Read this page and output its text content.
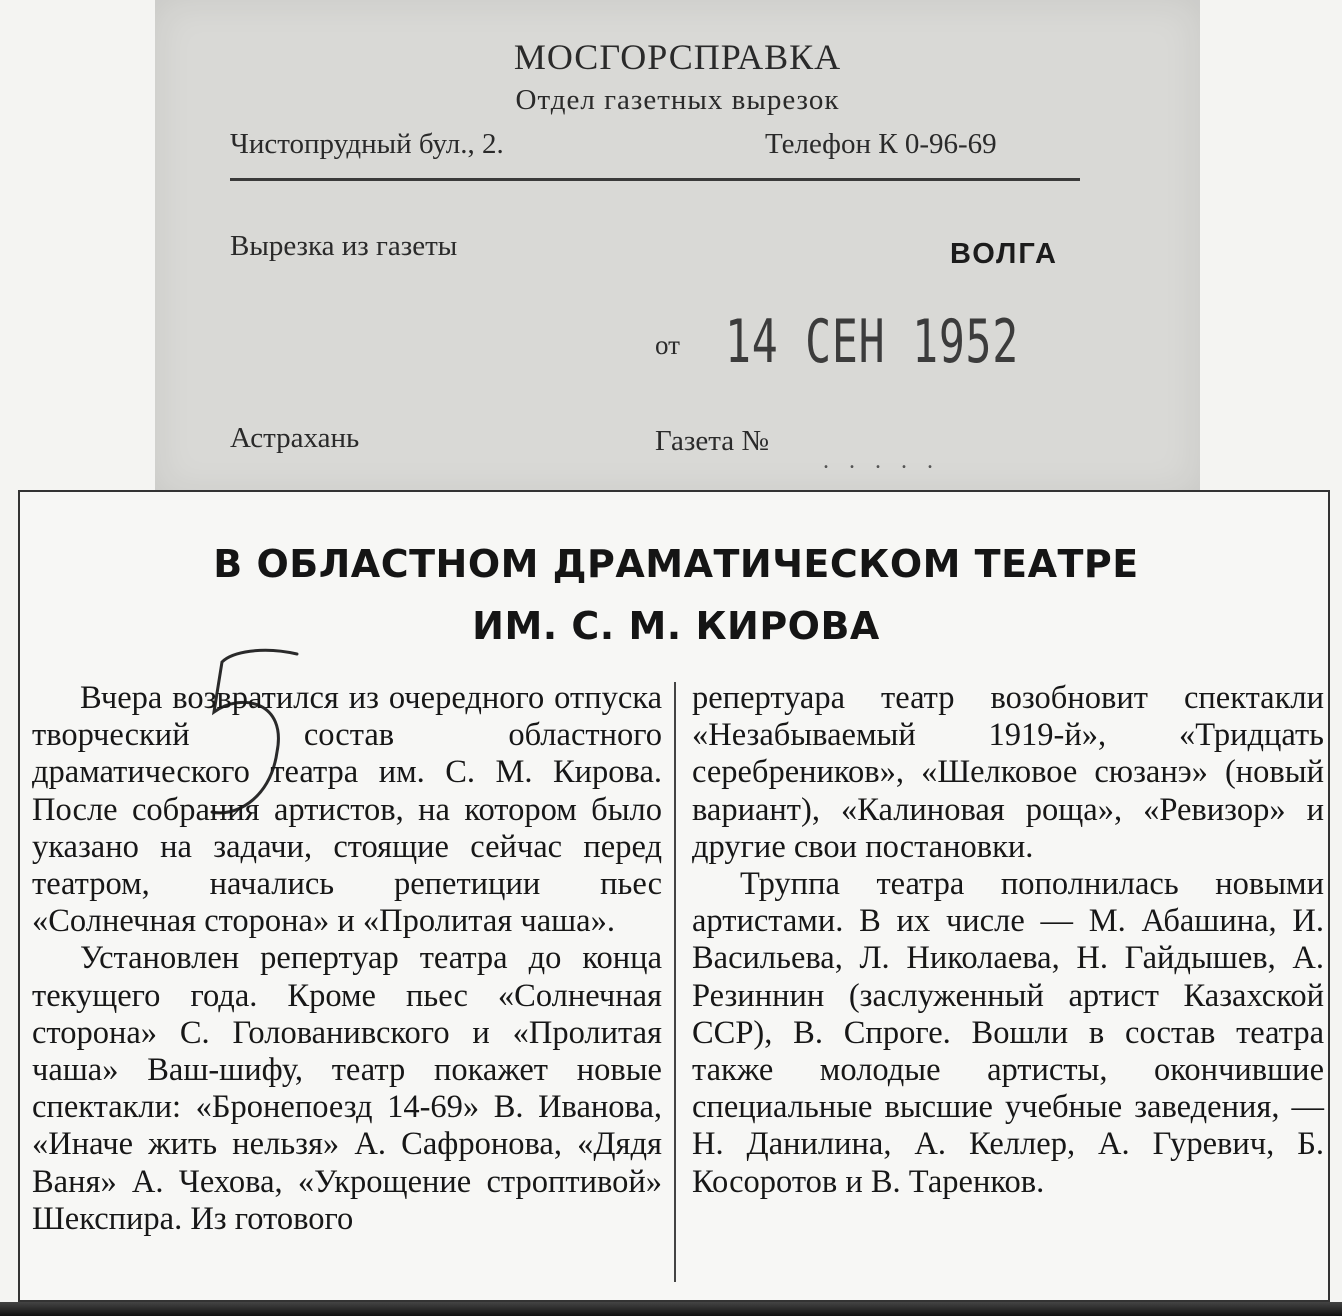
МОСГОРСПРАВКА
Отдел газетных вырезок
Чистопрудный бул., 2.	Телефон К 0-96-69
Вырезка из газеты	ВОЛГА
от 14 СЕН 1952
Астрахань	Газета №
.....
В ОБЛАСТНОМ ДРАМАТИЧЕСКОМ ТЕАТРЕ
ИМ. С. М. КИРОВА

Вчера возвратился из очередного отпуска творческий состав областного драматического театра им. С. М. Кирова. После собрания артистов, на котором было указано на задачи, стоящие сейчас перед театром, начались репетиции пьес «Солнечная сторона» и «Пролитая чаша».

Установлен репертуар театра до конца текущего года. Кроме пьес «Солнечная сторона» С. Голованивского и «Пролитая чаша» Ваш-шифу, театр покажет новые спектакли: «Бронепоезд 14-69» В. Иванова, «Иначе жить нельзя» А. Сафронова, «Дядя Ваня» А. Чехова, «Укрощение строптивой» Шекспира. Из готового

репертуара театр возобновит спектакли «Незабываемый 1919-й», «Тридцать серебреников», «Шелковое сюзанэ» (новый вариант), «Калиновая роща», «Ревизор» и другие свои постановки.

Труппа театра пополнилась новыми артистами. В их числе — М. Абашина, И. Васильева, Л. Николаева, Н. Гайдышев, А. Резиннин (заслуженный артист Казахской ССР), В. Спроге. Вошли в состав театра также молодые артисты, окончившие специальные высшие учебные заведения, — Н. Данилина, А. Келлер, А. Гуревич, Б. Косоротов и В. Таренков.
